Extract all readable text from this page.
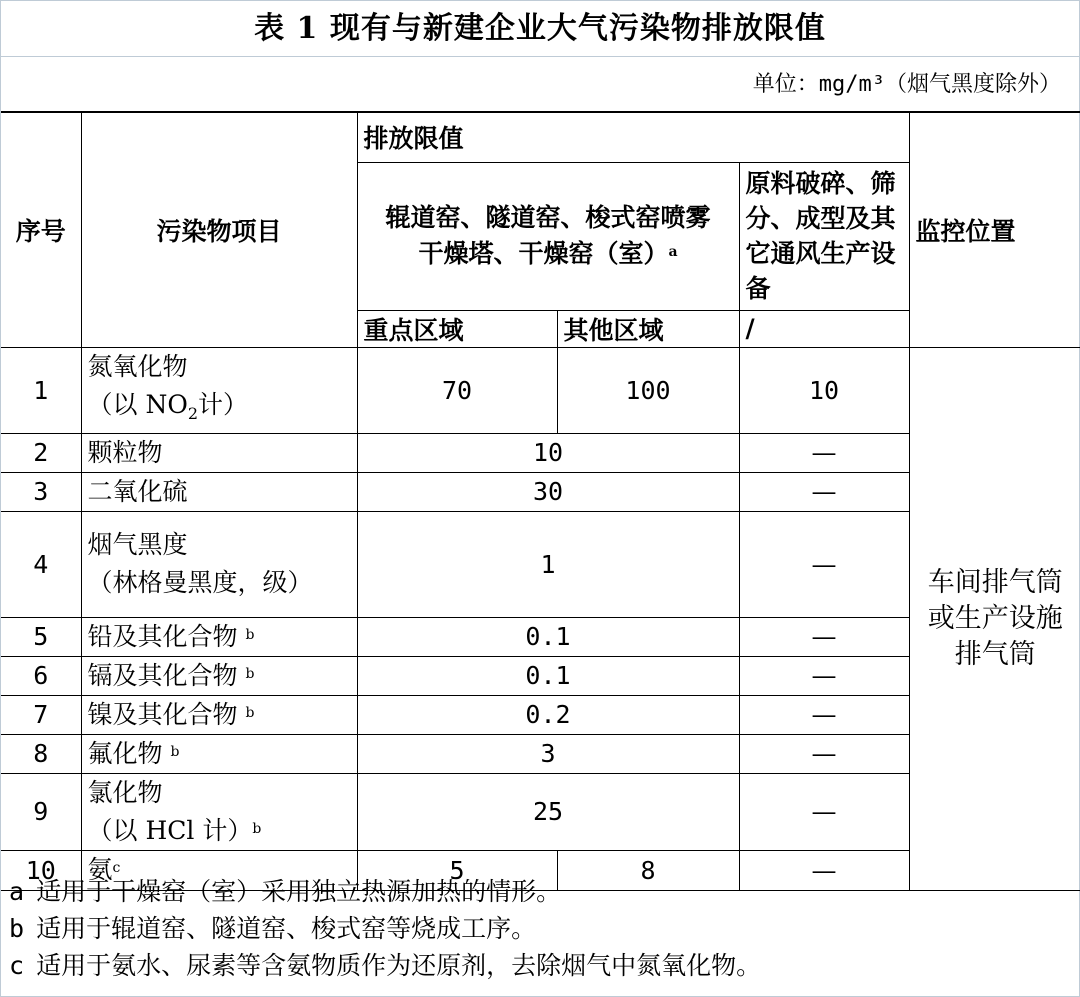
表 1 现有与新建企业大气污染物排放限值
单位：mg/m³（烟气黑度除外）
序号	污染物项目	排放限值			监控位置
		辊道窑、隧道窑、梭式窑喷雾干燥塔、干燥窑（室）$^a$		原料破碎、筛分、成型及其它通风生产设备	
		重点区域	其他区域	/	
1	氮氧化物
（以 $NO_2$计）	70	100	10	车间排气筒或生产设施排气筒
2	颗粒物	10		—	
3	二氧化硫	30		—	
4	烟气黑度
（林格曼黑度，级）	1		—	
5	铅及其化合物 $^b$	0.1		—	
6	镉及其化合物 $^b$	0.1		—	
7	镍及其化合物 $^b$	0.2		—	
8	氟化物 $^b$	3		—	
9	氯化物
（以 HCl 计）$^b$	25		—	
10	氨$^c$	5	8	—	
a 适用于干燥窑（室）采用独立热源加热的情形。
b 适用于辊道窑、隧道窑、梭式窑等烧成工序。
c 适用于氨水、尿素等含氨物质作为还原剂，去除烟气中氮氧化物。
